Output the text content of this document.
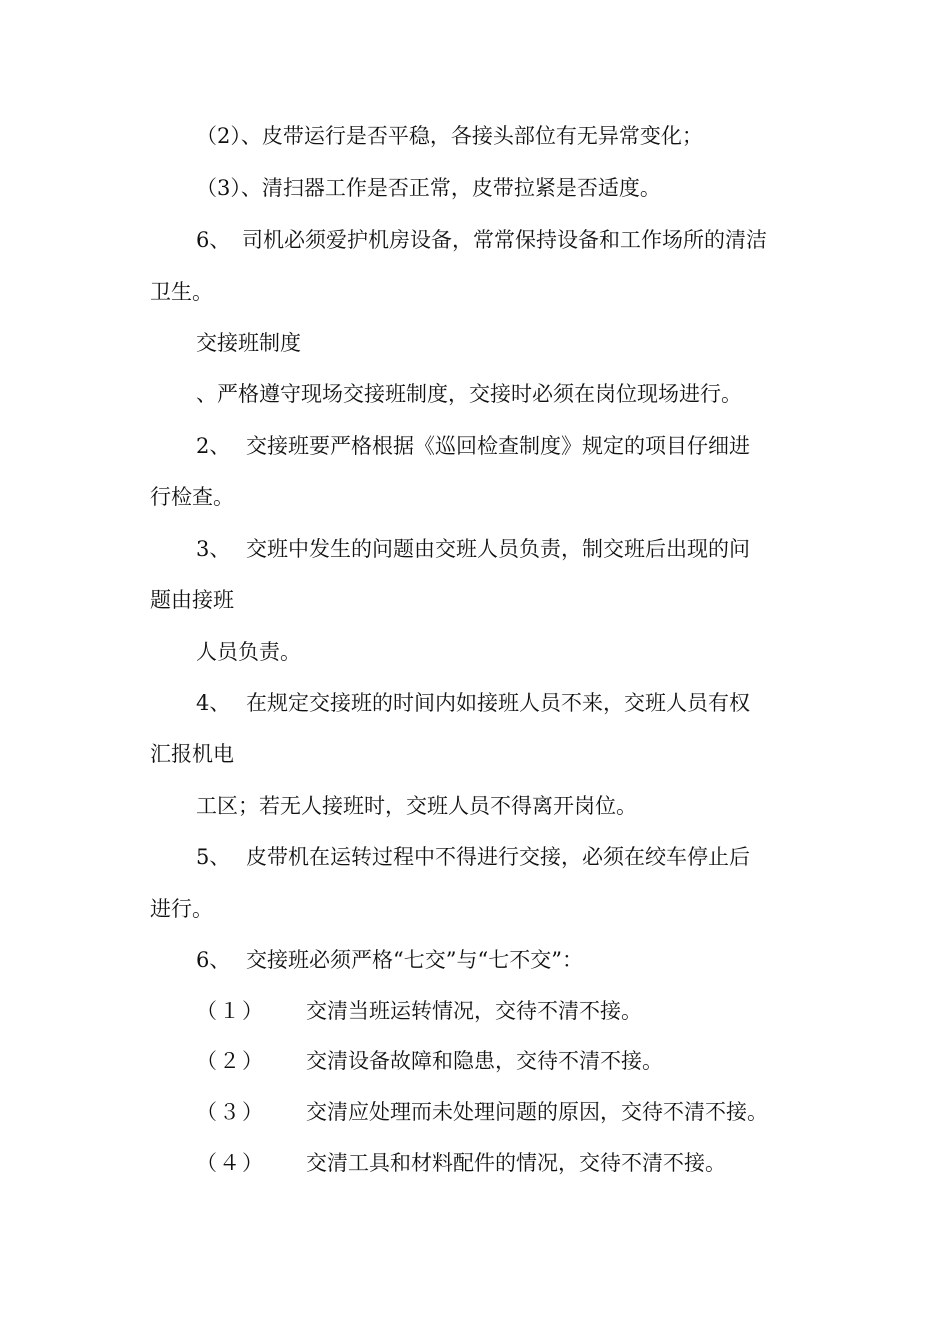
（2）、皮带运行是否平稳，各接头部位有无异常变化；
（3）、清扫器工作是否正常，皮带拉紧是否适度。
6、 司机必须爱护机房设备，常常保持设备和工作场所的清洁
卫生。
交接班制度
、严格遵守现场交接班制度，交接时必须在岗位现场进行。
2、 交接班要严格根据《巡回检查制度》规定的项目仔细进
行检查。
3、 交班中发生的问题由交班人员负责，制交班后出现的问
题由接班
人员负责。
4、 在规定交接班的时间内如接班人员不来，交班人员有权
汇报机电
工区；若无人接班时，交班人员不得离开岗位。
5、 皮带机在运转过程中不得进行交接，必须在绞车停止后
进行。
6、 交接班必须严格“七交”与“七不交”：
（１） 交清当班运转情况，交待不清不接。
（２） 交清设备故障和隐患，交待不清不接。
（３） 交清应处理而未处理问题的原因，交待不清不接。
（４） 交清工具和材料配件的情况，交待不清不接。
